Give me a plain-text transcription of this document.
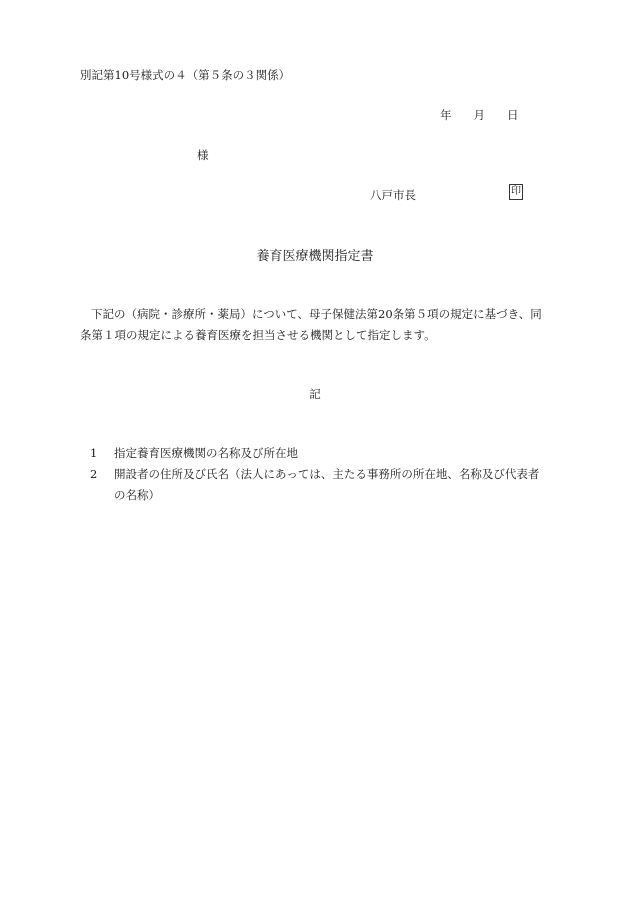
別記第10号様式の４（第５条の３関係）
年 月 日
様
八戸市長	印
養育医療機関指定書
下記の（病院・診療所・薬局）について、母子保健法第20条第５項の規定に基づき、同条第１項の規定による養育医療を担当させる機関として指定します。
記
1	指定養育医療機関の名称及び所在地
2	開設者の住所及び氏名（法人にあっては、主たる事務所の所在地、名称及び代表者の名称）
